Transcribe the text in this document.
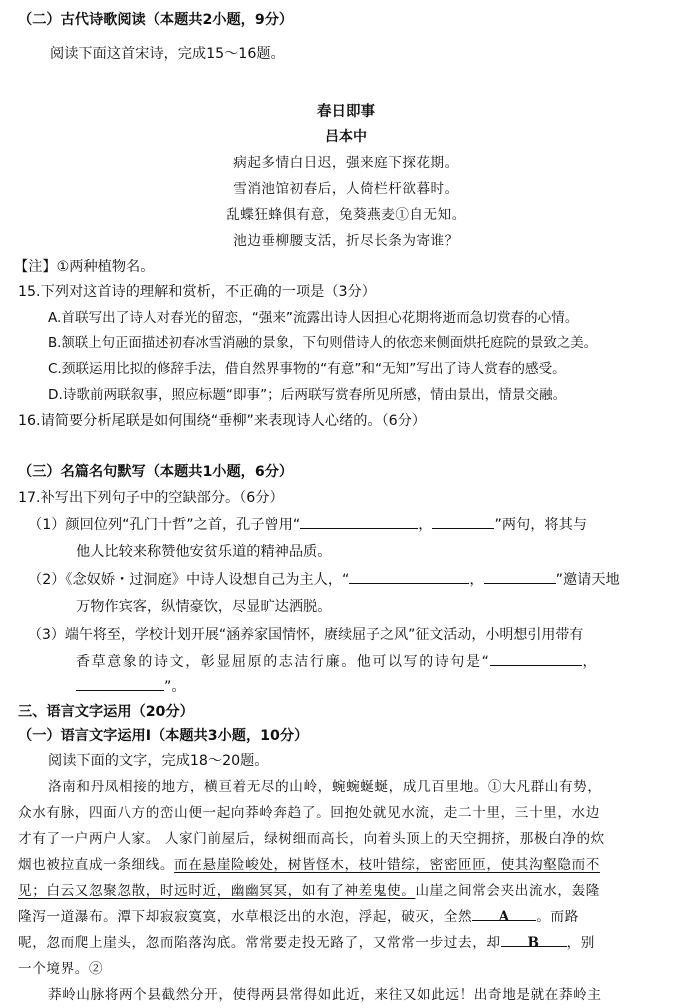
（二）古代诗歌阅读（本题共2小题，9分）
阅读下面这首宋诗，完成15～16题。
春日即事
吕本中
病起多情白日迟，强来庭下探花期。
雪消池馆初春后，人倚栏杆欲暮时。
乱蝶狂蜂俱有意，兔葵燕麦①自无知。
池边垂柳腰支活，折尽长条为寄谁？
【注】①两种植物名。
15.下列对这首诗的理解和赏析，不正确的一项是（3分）
A.首联写出了诗人对春光的留恋，“强来”流露出诗人因担心花期将逝而急切赏春的心情。
B.颔联上句正面描述初春冰雪消融的景象，下句则借诗人的依恋来侧面烘托庭院的景致之美。
C.颈联运用比拟的修辞手法，借自然界事物的“有意”和“无知”写出了诗人赏春的感受。
D.诗歌前两联叙事，照应标题“即事”；后两联写赏春所见所感，情由景出，情景交融。
16.请简要分析尾联是如何围绕“垂柳”来表现诗人心绪的。（6分）
（三）名篇名句默写（本题共1小题，6分）
17.补写出下列句子中的空缺部分。（6分）
（1）颜回位列“孔门十哲”之首，孔子曾用“	，	”两句，将其与
他人比较来称赞他安贫乐道的精神品质。
（2）《念奴娇・过洞庭》中诗人设想自己为主人，“	，	”邀请天地
万物作宾客，纵情豪饮，尽显旷达洒脱。
（3）端午将至，学校计划开展“涵养家国情怀，赓续屈子之风”征文活动，小明想引用带有
香草意象的诗文，彰显屈原的志洁行廉。他可以写的诗句是“	，
”。
三、语言文字运用（20分）
（一）语言文字运用Ⅰ（本题共3小题，10分）
阅读下面的文字，完成18～20题。
洛南和丹凤相接的地方，横亘着无尽的山岭，蜿蜿蜒蜒，成几百里地。①大凡群山有势，
众水有脉，四面八方的峦山便一起向莽岭奔趋了。回抱处就见水流，走二十里，三十里，水边
才有了一户两户人家。 人家门前屋后，绿树细而高长，向着头顶上的天空拥挤，那极白净的炊
烟也被拉直成一条细线。而在悬崖险峻处，树皆怪木，枝叶错综，密密匝匝，使其沟壑隐而不
见；白云又忽聚忽散，时远时近，幽幽冥冥，如有了神差鬼使。山崖之间常会夹出流水，轰隆
隆泻一道瀑布。潭下却寂寂寞寞，水草根泛出的水泡，浮起，破灭，全然 A 。而路
呢，忽而爬上崖头，忽而陷落沟底。常常要走投无路了，又常常一步过去，却 B ，别
一个境界。②
莽岭山脉将两个县截然分开，使得两县常得如此近，来往又如此远！出奇地是就在莽岭主
